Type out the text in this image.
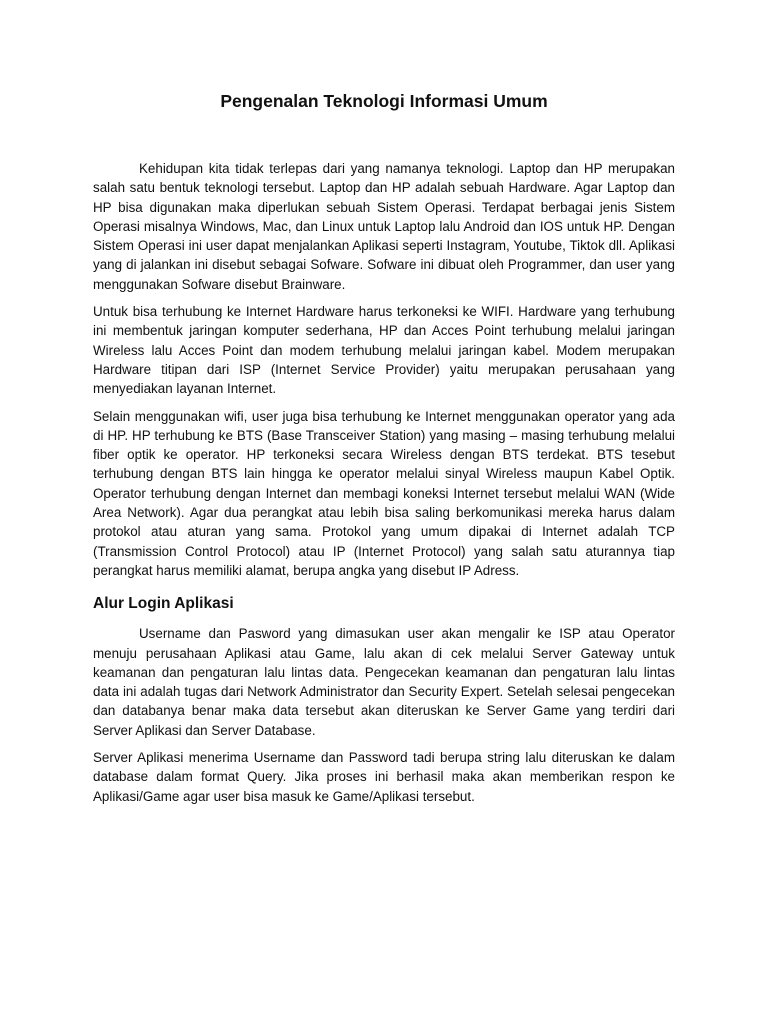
Pengenalan Teknologi Informasi Umum

Kehidupan kita tidak terlepas dari yang namanya teknologi. Laptop dan HP merupakan salah satu bentuk teknologi tersebut. Laptop dan HP adalah sebuah Hardware. Agar Laptop dan HP bisa digunakan maka diperlukan sebuah Sistem Operasi. Terdapat berbagai jenis Sistem Operasi misalnya Windows, Mac, dan Linux untuk Laptop lalu Android dan IOS untuk HP. Dengan Sistem Operasi ini user dapat menjalankan Aplikasi seperti Instagram, Youtube, Tiktok dll. Aplikasi yang di jalankan ini disebut sebagai Sofware. Sofware ini dibuat oleh Programmer, dan user yang menggunakan Sofware disebut Brainware.

Untuk bisa terhubung ke Internet Hardware harus terkoneksi ke WIFI. Hardware yang terhubung ini membentuk jaringan komputer sederhana, HP dan Acces Point terhubung melalui jaringan Wireless lalu Acces Point dan modem terhubung melalui jaringan kabel. Modem merupakan Hardware titipan dari ISP (Internet Service Provider) yaitu merupakan perusahaan yang menyediakan layanan Internet.

Selain menggunakan wifi, user juga bisa terhubung ke Internet menggunakan operator yang ada di HP. HP terhubung ke BTS (Base Transceiver Station) yang masing – masing terhubung melalui fiber optik ke operator. HP terkoneksi secara Wireless dengan BTS terdekat. BTS tesebut terhubung dengan BTS lain hingga ke operator melalui sinyal Wireless maupun Kabel Optik. Operator terhubung dengan Internet dan membagi koneksi Internet tersebut melalui WAN (Wide Area Network). Agar dua perangkat atau lebih bisa saling berkomunikasi mereka harus dalam protokol atau aturan yang sama. Protokol yang umum dipakai di Internet adalah TCP (Transmission Control Protocol) atau IP (Internet Protocol) yang salah satu aturannya tiap perangkat harus memiliki alamat, berupa angka yang disebut IP Adress.

Alur Login Aplikasi

Username dan Pasword yang dimasukan user akan mengalir ke ISP atau Operator menuju perusahaan Aplikasi atau Game, lalu akan di cek melalui Server Gateway untuk keamanan dan pengaturan lalu lintas data. Pengecekan keamanan dan pengaturan lalu lintas data ini adalah tugas dari Network Administrator dan Security Expert. Setelah selesai pengecekan dan databanya benar maka data tersebut akan diteruskan ke Server Game yang terdiri dari Server Aplikasi dan Server Database.

Server Aplikasi menerima Username dan Password tadi berupa string lalu diteruskan ke dalam database dalam format Query. Jika proses ini berhasil maka akan memberikan respon ke Aplikasi/Game agar user bisa masuk ke Game/Aplikasi tersebut.
